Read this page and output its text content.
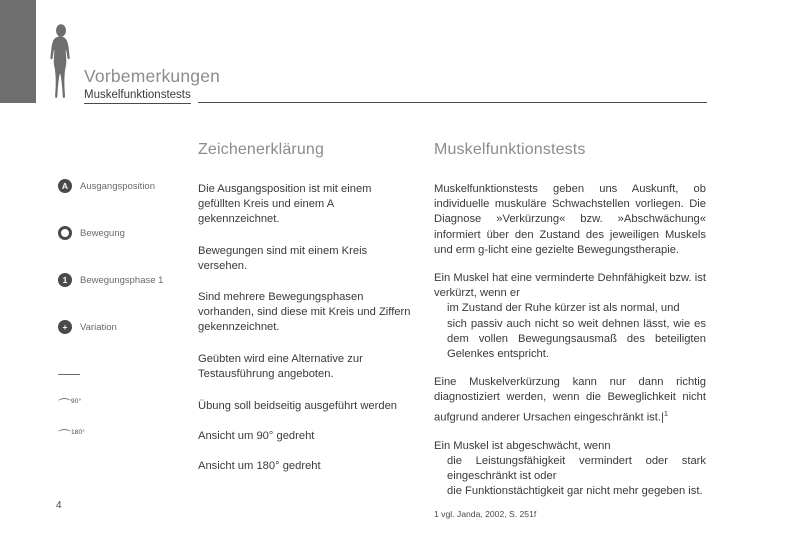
Vorbemerkungen
Muskelfunktionstests
A	Ausgangsposition
Bewegung
1	Bewegungsphase 1
+	Variation
⌒$^{90^\circ}$
⌒$^{180^\circ}$
Zeichenerklärung

Die Ausgangsposition ist mit einem gefüllten Kreis und einem A gekennzeichnet.

Bewegungen sind mit einem Kreis versehen.

Sind mehrere Bewegungsphasen vorhanden, sind diese mit Kreis und Ziffern gekennzeichnet.

Geübten wird eine Alternative zur Testausführung angeboten.

Übung soll beidseitig ausgeführt werden

Ansicht um 90° gedreht

Ansicht um 180° gedreht

Muskelfunktionstests

Muskelfunktionstests geben uns Auskunft, ob individuelle muskuläre Schwachstellen vorliegen. Die Diagnose »Verkürzung« bzw. »Abschwächung« informiert über den Zustand des jeweiligen Muskels und erm g-licht eine gezielte Bewegungstherapie.

Ein Muskel hat eine verminderte Dehnfähigkeit bzw. ist verkürzt, wenn er
im Zustand der Ruhe kürzer ist als normal, und
sich passiv auch nicht so weit dehnen lässt, wie es dem vollen Bewegungsausmaß des beteiligten Gelenkes entspricht.

Eine Muskelverkürzung kann nur dann richtig diagnostiziert werden, wenn die Beweglichkeit nicht aufgrund anderer Ursachen eingeschränkt ist.|$^1$

Ein Muskel ist abgeschwächt, wenn
die Leistungsfähigkeit vermindert oder stark eingeschränkt ist oder
die Funktionstächtigkeit gar nicht mehr gegeben ist.

1 vgl. Janda, 2002, S. 251f
4
